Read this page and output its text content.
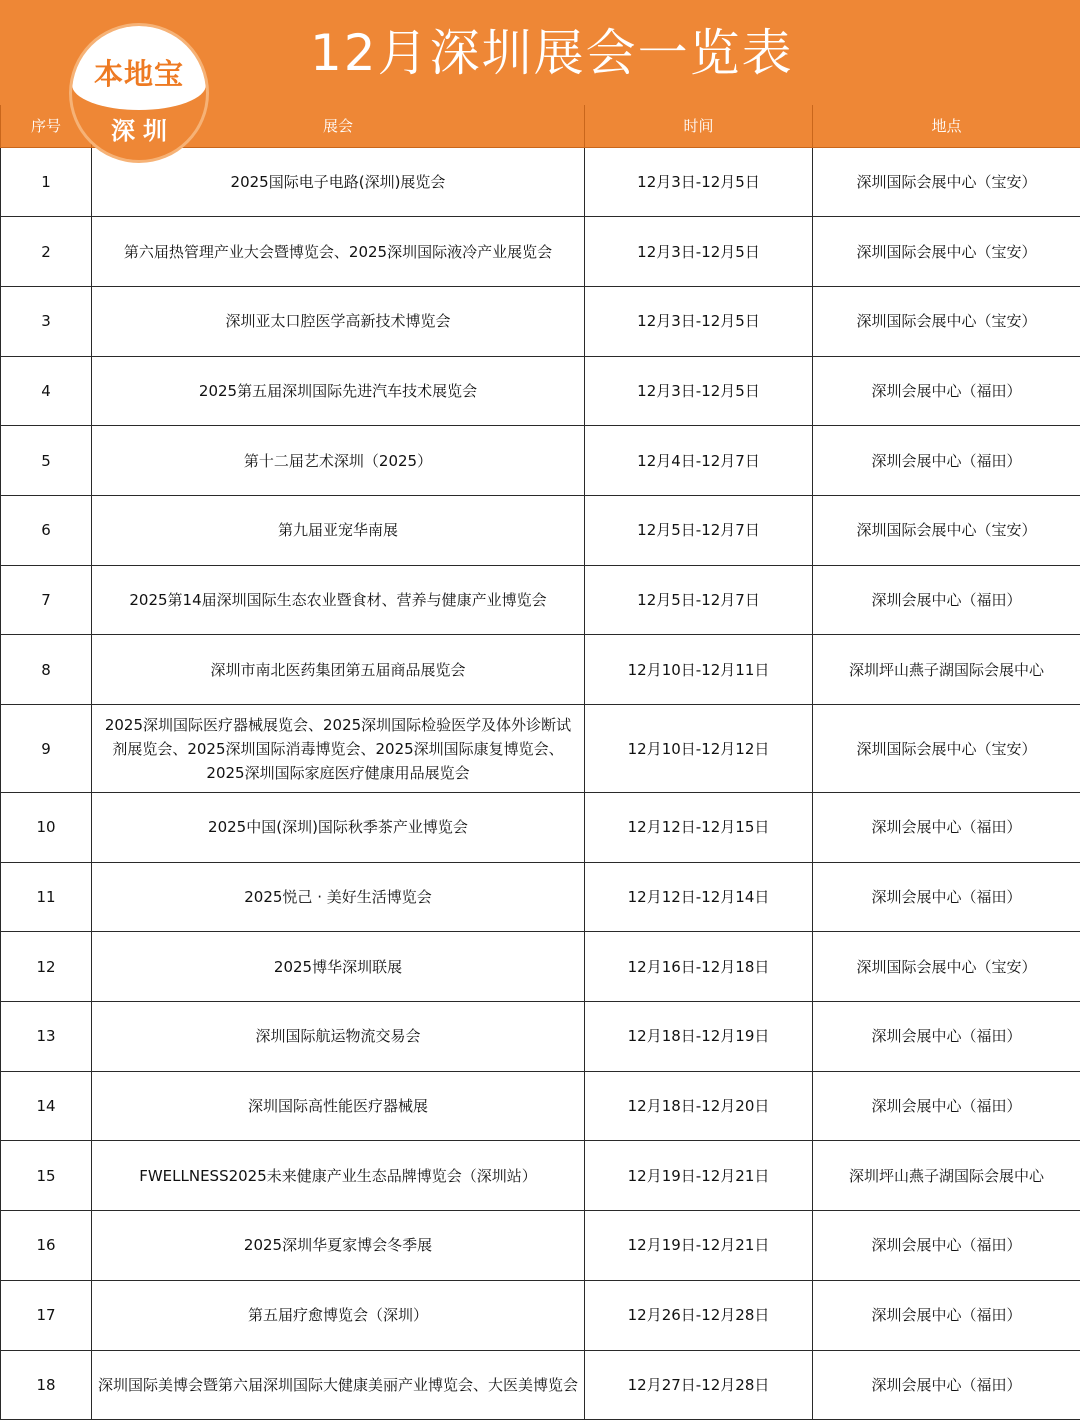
12月深圳展会一览表
本地宝
深圳
序号	展会	时间	地点
1	2025国际电子电路(深圳)展览会	12月3日-12月5日	深圳国际会展中心（宝安）
2	第六届热管理产业大会暨博览会、2025深圳国际液冷产业展览会	12月3日-12月5日	深圳国际会展中心（宝安）
3	深圳亚太口腔医学高新技术博览会	12月3日-12月5日	深圳国际会展中心（宝安）
4	2025第五届深圳国际先进汽车技术展览会	12月3日-12月5日	深圳会展中心（福田）
5	第十二届艺术深圳（2025）	12月4日-12月7日	深圳会展中心（福田）
6	第九届亚宠华南展	12月5日-12月7日	深圳国际会展中心（宝安）
7	2025第14届深圳国际生态农业暨食材、营养与健康产业博览会	12月5日-12月7日	深圳会展中心（福田）
8	深圳市南北医药集团第五届商品展览会	12月10日-12月11日	深圳坪山燕子湖国际会展中心
9	2025深圳国际医疗器械展览会、2025深圳国际检验医学及体外诊断试剂展览会、2025深圳国际消毒博览会、2025深圳国际康复博览会、2025深圳国际家庭医疗健康用品展览会	12月10日-12月12日	深圳国际会展中心（宝安）
10	2025中国(深圳)国际秋季茶产业博览会	12月12日-12月15日	深圳会展中心（福田）
11	2025悦己 · 美好生活博览会	12月12日-12月14日	深圳会展中心（福田）
12	2025博华深圳联展	12月16日-12月18日	深圳国际会展中心（宝安）
13	深圳国际航运物流交易会	12月18日-12月19日	深圳会展中心（福田）
14	深圳国际高性能医疗器械展	12月18日-12月20日	深圳会展中心（福田）
15	FWELLNESS2025未来健康产业生态品牌博览会（深圳站）	12月19日-12月21日	深圳坪山燕子湖国际会展中心
16	2025深圳华夏家博会冬季展	12月19日-12月21日	深圳会展中心（福田）
17	第五届疗愈博览会（深圳）	12月26日-12月28日	深圳会展中心（福田）
18	深圳国际美博会暨第六届深圳国际大健康美丽产业博览会、大医美博览会	12月27日-12月28日	深圳会展中心（福田）
